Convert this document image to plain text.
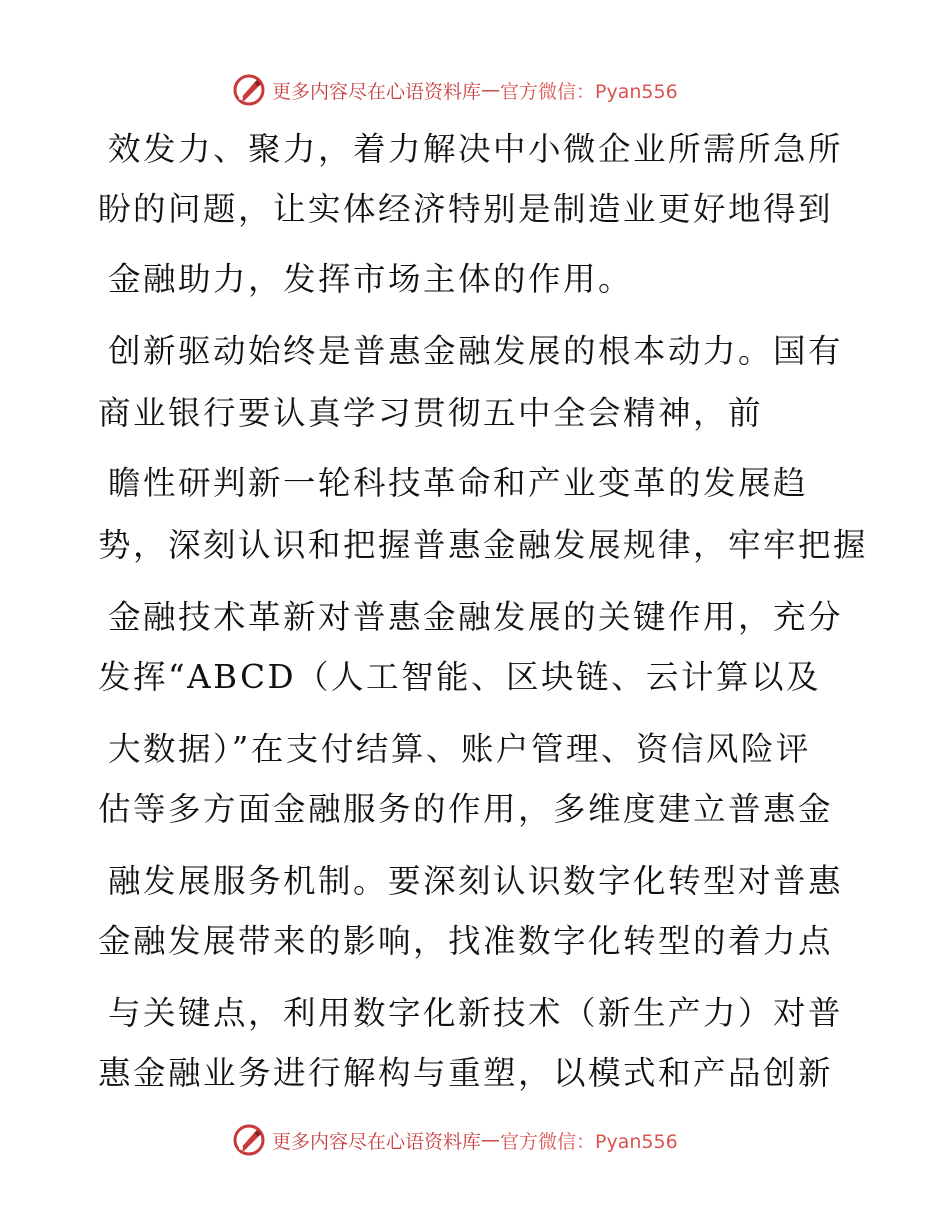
更多内容尽在心语资料库 — 官方微信：Pyan556
效发力、聚力，着力解决中小微企业所需所急所
盼的问题，让实体经济特别是制造业更好地得到
金融助力，发挥市场主体的作用。
创新驱动始终是普惠金融发展的根本动力。国有
商业银行要认真学习贯彻五中全会精神，前
瞻性研判新一轮科技革命和产业变革的发展趋
势，深刻认识和把握普惠金融发展规律，牢牢把握
金融技术革新对普惠金融发展的关键作用，充分
发挥“ABCD（人工智能、区块链、云计算以及
大数据）”在支付结算、账户管理、资信风险评
估等多方面金融服务的作用，多维度建立普惠金
融发展服务机制。要深刻认识数字化转型对普惠
金融发展带来的影响，找准数字化转型的着力点
与关键点，利用数字化新技术（新生产力）对普
惠金融业务进行解构与重塑，以模式和产品创新
更多内容尽在心语资料库 — 官方微信：Pyan556
